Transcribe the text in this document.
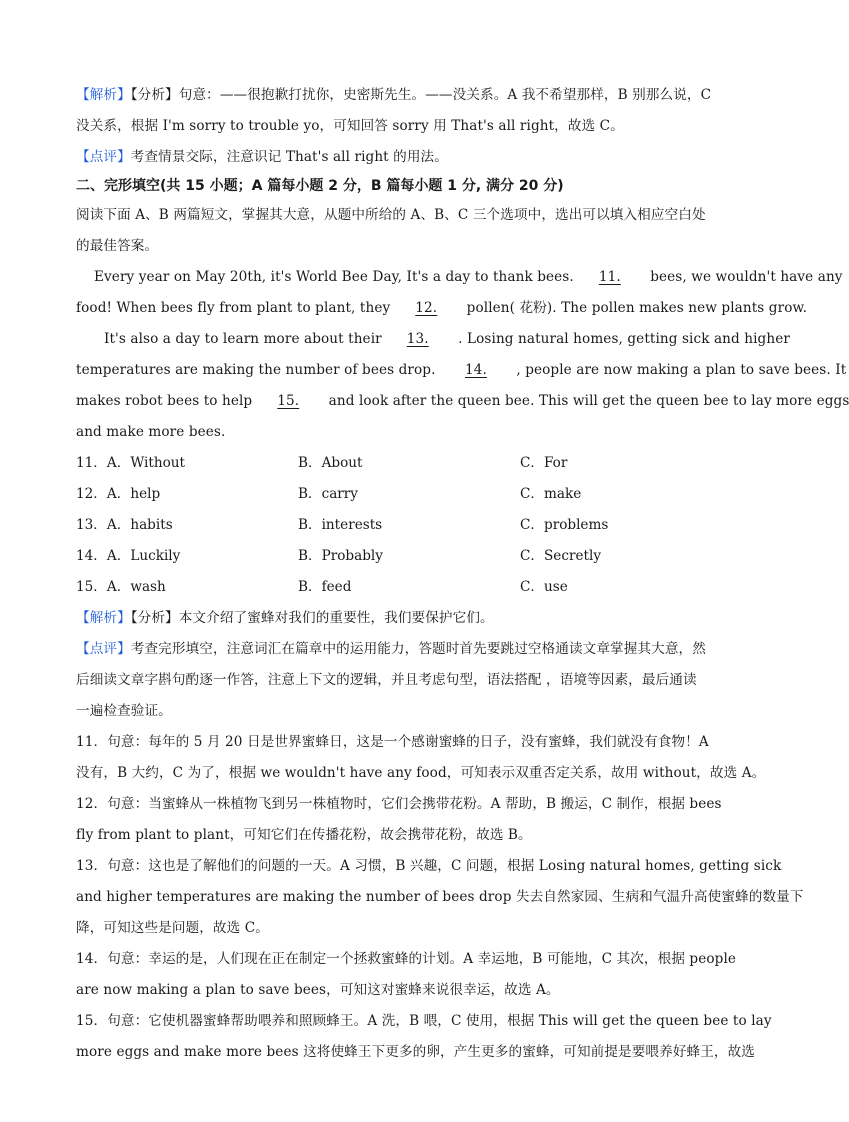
【解析】【分析】句意：——很抱歉打扰你，史密斯先生。——没关系。A 我不希望那样，B 别那么说，C
没关系，根据 I'm sorry to trouble yo，可知回答 sorry 用 That's all right，故选 C。
【点评】考查情景交际，注意识记 That's all right 的用法。
二、完形填空(共 15 小题；A 篇每小题 2 分，B 篇每小题 1 分, 满分 20 分)
阅读下面 A、B 两篇短文，掌握其大意，从题中所给的 A、B、C 三个选项中，选出可以填入相应空白处
的最佳答案。
Every year on May 20th, it's World Bee Day, It's a day to thank bees. 11. bees, we wouldn't have any
food! When bees fly from plant to plant, they 12. pollen( 花粉). The pollen makes new plants grow.
It's also a day to learn more about their 13. . Losing natural homes, getting sick and higher
temperatures are making the number of bees drop. 14. , people are now making a plan to save bees. It
makes robot bees to help 15. and look after the queen bee. This will get the queen bee to lay more eggs
and make more bees.
11．A．Without	B．About	C．For
12．A．help	B．carry	C．make
13．A．habits	B．interests	C．problems
14．A．Luckily	B．Probably	C．Secretly
15．A．wash	B．feed	C．use
【解析】【分析】本文介绍了蜜蜂对我们的重要性，我们要保护它们。
【点评】考查完形填空，注意词汇在篇章中的运用能力，答题时首先要跳过空格通读文章掌握其大意，然
后细读文章字斟句酌逐一作答，注意上下文的逻辑，并且考虑句型，语法搭配 ，语境等因素，最后通读
一遍检查验证。
11．句意：每年的 5 月 20 日是世界蜜蜂日，这是一个感谢蜜蜂的日子，没有蜜蜂，我们就没有食物！A
没有，B 大约，C 为了，根据 we wouldn't have any food，可知表示双重否定关系，故用 without，故选 A。
12．句意：当蜜蜂从一株植物飞到另一株植物时，它们会携带花粉。A 帮助，B 搬运，C 制作，根据 bees
fly from plant to plant，可知它们在传播花粉，故会携带花粉，故选 B。
13．句意：这也是了解他们的问题的一天。A 习惯，B 兴趣，C 问题，根据 Losing natural homes, getting sick
and higher temperatures are making the number of bees drop 失去自然家园、生病和气温升高使蜜蜂的数量下
降，可知这些是问题，故选 C。
14．句意：幸运的是，人们现在正在制定一个拯救蜜蜂的计划。A 幸运地，B 可能地，C 其次，根据 people
are now making a plan to save bees，可知这对蜜蜂来说很幸运，故选 A。
15．句意：它使机器蜜蜂帮助喂养和照顾蜂王。A 洗，B 喂，C 使用，根据 This will get the queen bee to lay
more eggs and make more bees 这将使蜂王下更多的卵，产生更多的蜜蜂，可知前提是要喂养好蜂王，故选
